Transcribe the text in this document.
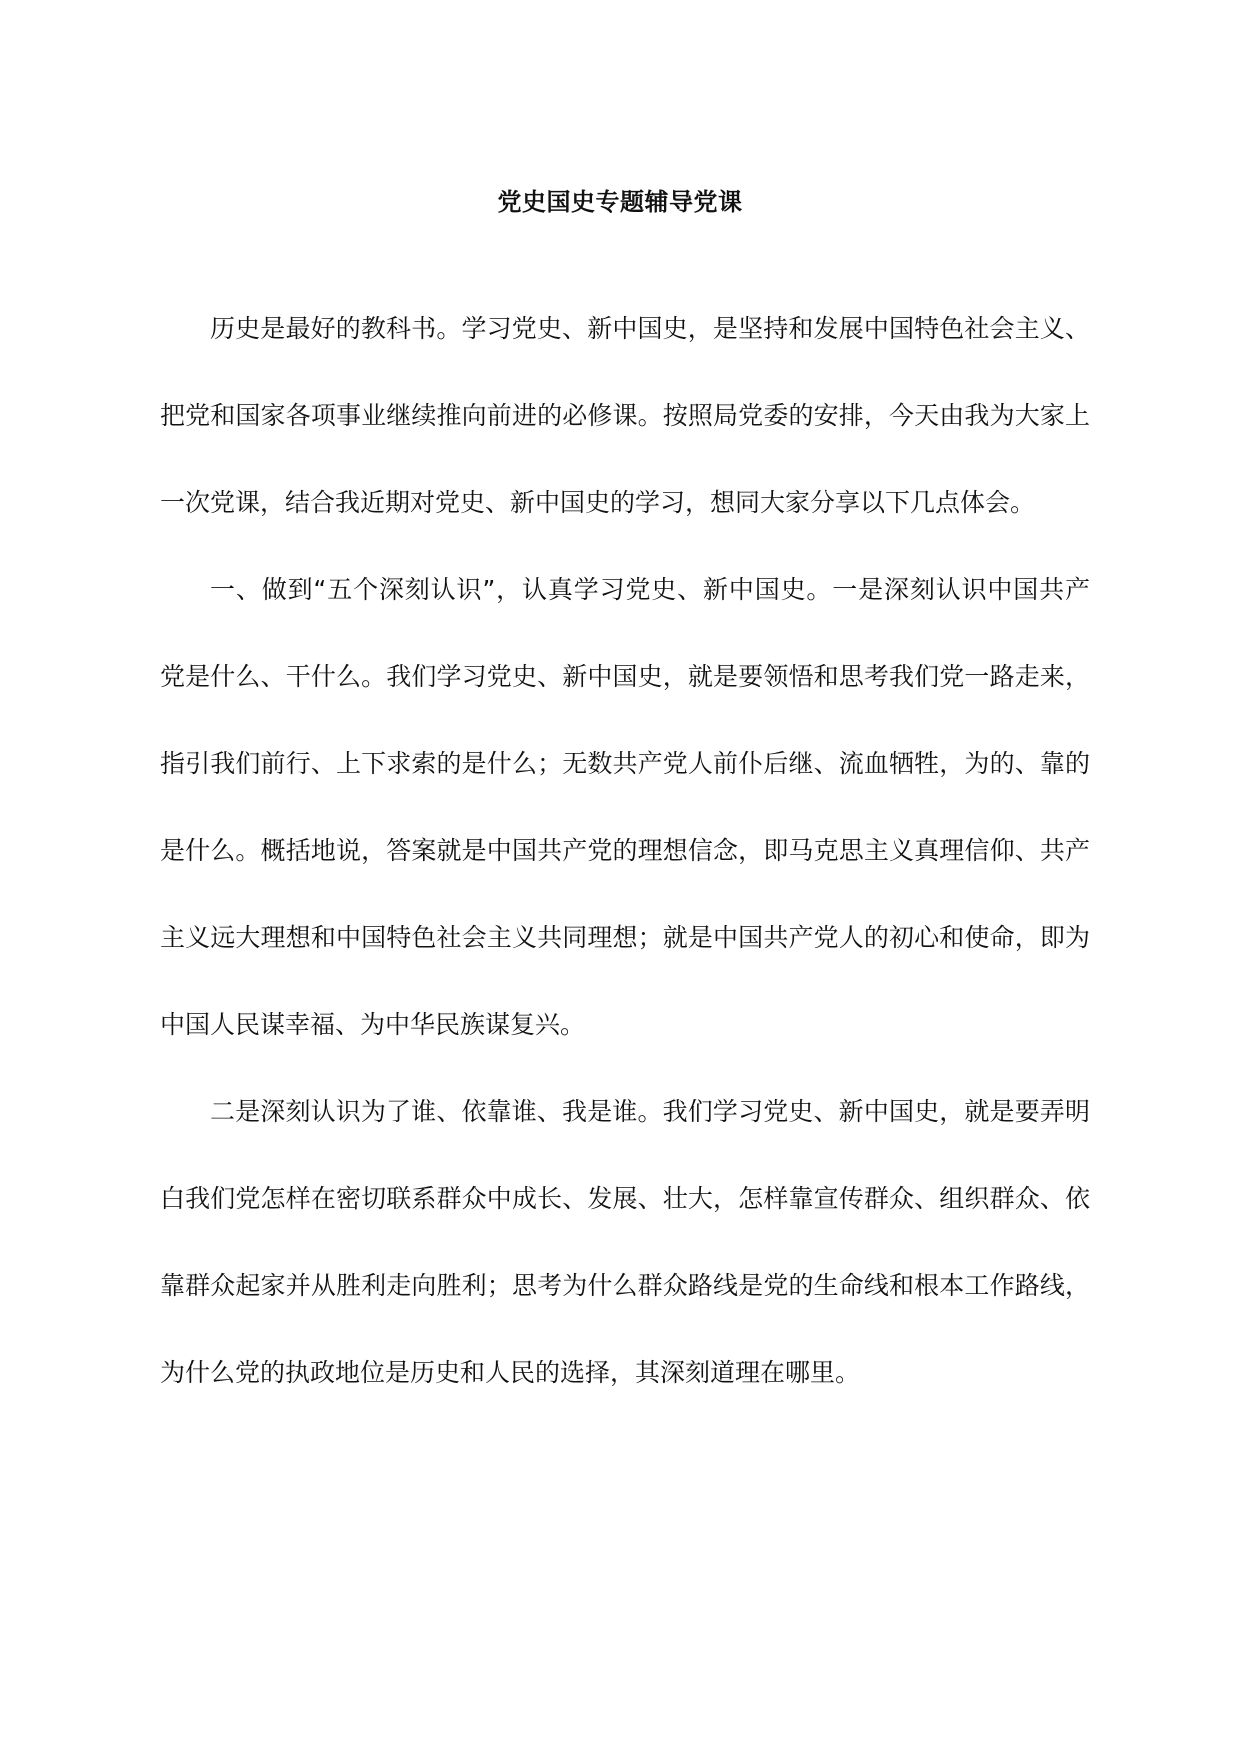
党史国史专题辅导党课
历史是最好的教科书。学习党史、新中国史，是坚持和发展中国特色社会主义、
把党和国家各项事业继续推向前进的必修课。按照局党委的安排，今天由我为大家上
一次党课，结合我近期对党史、新中国史的学习，想同大家分享以下几点体会。
一、做到“五个深刻认识”，认真学习党史、新中国史。一是深刻认识中国共产
党是什么、干什么。我们学习党史、新中国史，就是要领悟和思考我们党一路走来，
指引我们前行、上下求索的是什么；无数共产党人前仆后继、流血牺牲，为的、靠的
是什么。概括地说，答案就是中国共产党的理想信念，即马克思主义真理信仰、共产
主义远大理想和中国特色社会主义共同理想；就是中国共产党人的初心和使命，即为
中国人民谋幸福、为中华民族谋复兴。
二是深刻认识为了谁、依靠谁、我是谁。我们学习党史、新中国史，就是要弄明
白我们党怎样在密切联系群众中成长、发展、壮大，怎样靠宣传群众、组织群众、依
靠群众起家并从胜利走向胜利；思考为什么群众路线是党的生命线和根本工作路线，
为什么党的执政地位是历史和人民的选择，其深刻道理在哪里。
